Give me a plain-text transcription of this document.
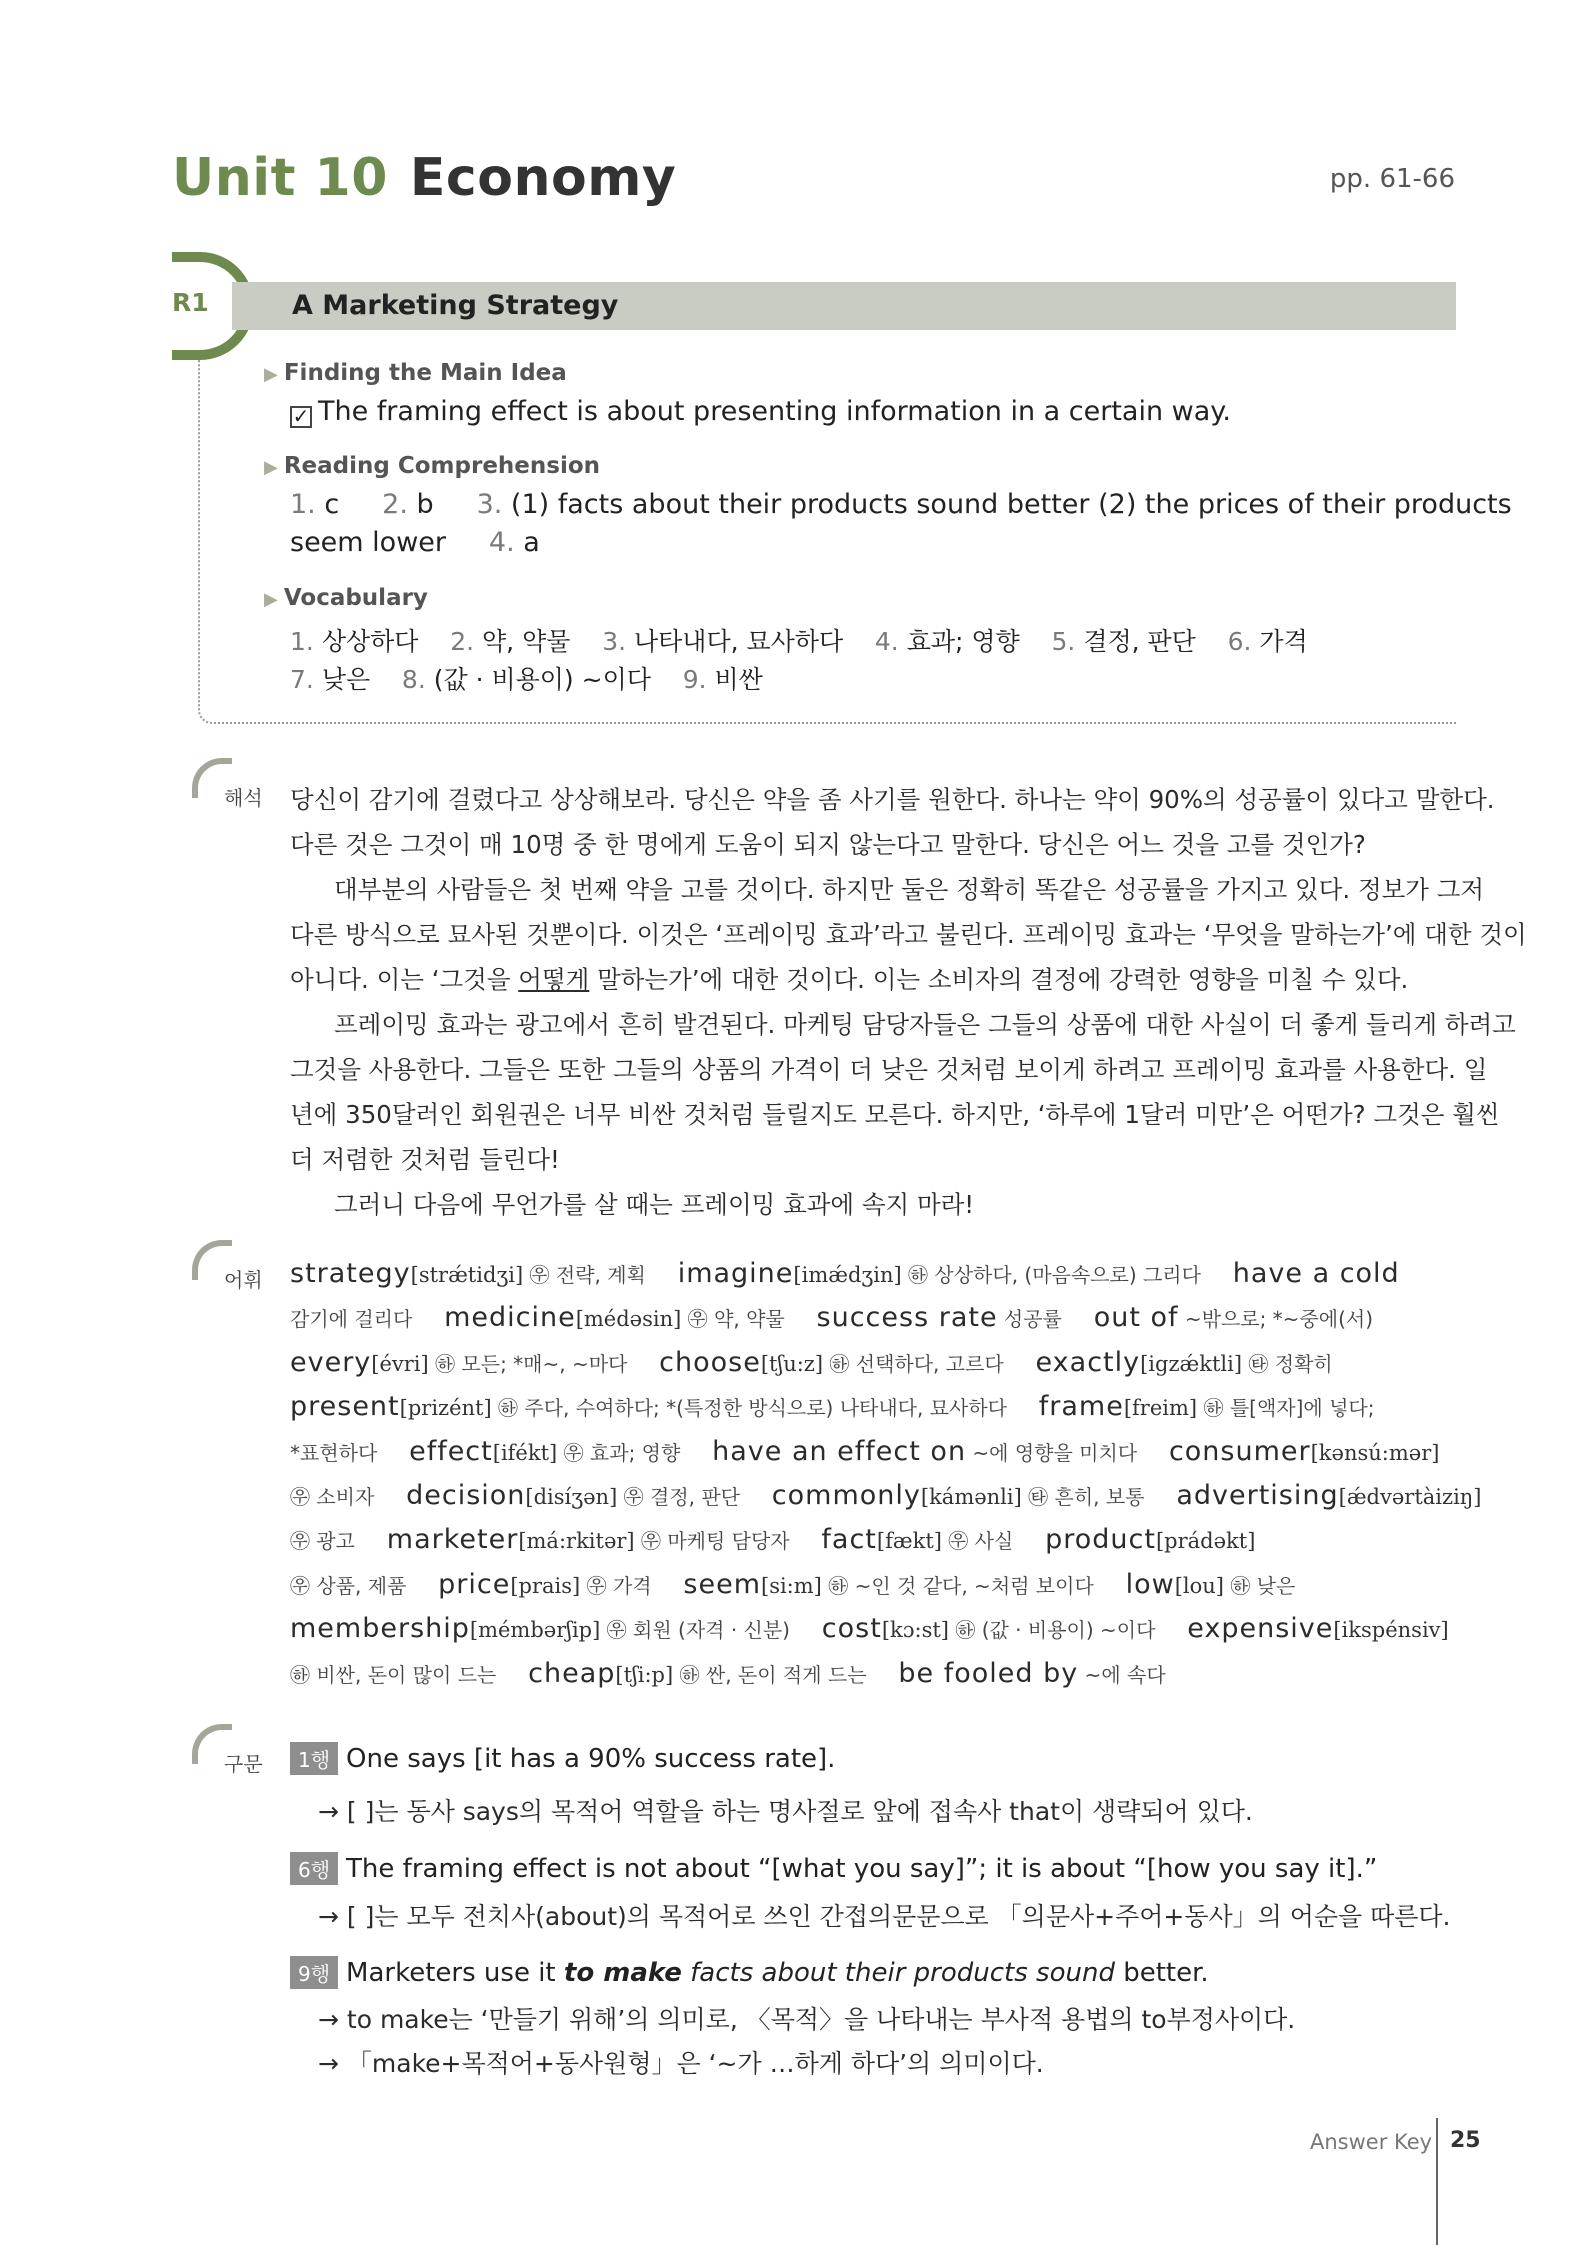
Unit 10 Economy	pp. 61-66
R1	A Marketing Strategy
▶ Finding the Main Idea
✓ The framing effect is about presenting information in a certain way.
▶ Reading Comprehension
1. c 2. b 3. (1) facts about their products sound better (2) the prices of their products
seem lower 4. a
▶ Vocabulary
1. 상상하다 2. 약, 약물 3. 나타내다, 묘사하다 4. 효과; 영향 5. 결정, 판단 6. 가격
7. 낮은 8. (값 · 비용이) ~이다 9. 비싼
해석 당신이 감기에 걸렸다고 상상해보라. 당신은 약을 좀 사기를 원한다. 하나는 약이 90%의 성공률이 있다고 말한다.
다른 것은 그것이 매 10명 중 한 명에게 도움이 되지 않는다고 말한다. 당신은 어느 것을 고를 것인가?
대부분의 사람들은 첫 번째 약을 고를 것이다. 하지만 둘은 정확히 똑같은 성공률을 가지고 있다. 정보가 그저
다른 방식으로 묘사된 것뿐이다. 이것은 ‘프레이밍 효과’라고 불린다. 프레이밍 효과는 ‘무엇을 말하는가’에 대한 것이
아니다. 이는 ‘그것을 어떻게 말하는가’에 대한 것이다. 이는 소비자의 결정에 강력한 영향을 미칠 수 있다.
프레이밍 효과는 광고에서 흔히 발견된다. 마케팅 담당자들은 그들의 상품에 대한 사실이 더 좋게 들리게 하려고
그것을 사용한다. 그들은 또한 그들의 상품의 가격이 더 낮은 것처럼 보이게 하려고 프레이밍 효과를 사용한다. 일
년에 350달러인 회원권은 너무 비싼 것처럼 들릴지도 모른다. 하지만, ‘하루에 1달러 미만’은 어떤가? 그것은 훨씬
더 저렴한 것처럼 들린다!
그러니 다음에 무언가를 살 때는 프레이밍 효과에 속지 마라!
어휘 strategy[strǽtidʒi] ㉾ 전략, 계획 imagine[imǽdʒin] ㉻ 상상하다, (마음속으로) 그리다 have a cold
감기에 걸리다 medicine[médəsin] ㉾ 약, 약물 success rate 성공률 out of ~밖으로; *~중에(서)
every[évri] ㉻ 모든; *매~, ~마다 choose[tʃu:z] ㉻ 선택하다, 고르다 exactly[igzǽktli] ㉹ 정확히
present[prizént] ㉻ 주다, 수여하다; *(특정한 방식으로) 나타내다, 묘사하다 frame[freim] ㉻ 틀[액자]에 넣다;
*표현하다 effect[ifékt] ㉾ 효과; 영향 have an effect on ~에 영향을 미치다 consumer[kənsú:mər]
㉾ 소비자 decision[disíʒən] ㉾ 결정, 판단 commonly[kámənli] ㉹ 흔히, 보통 advertising[ǽdvərtàiziŋ]
㉾ 광고 marketer[má:rkitər] ㉾ 마케팅 담당자 fact[fækt] ㉾ 사실 product[prádəkt]
㉾ 상품, 제품 price[prais] ㉾ 가격 seem[si:m] ㉻ ~인 것 같다, ~처럼 보이다 low[lou] ㉻ 낮은
membership[mémbərʃip] ㉾ 회원 (자격 · 신분) cost[kɔ:st] ㉻ (값 · 비용이) ~이다 expensive[ikspénsiv]
㉻ 비싼, 돈이 많이 드는 cheap[tʃi:p] ㉻ 싼, 돈이 적게 드는 be fooled by ~에 속다
구문	1행 One says [it has a 90% success rate].
→ [ ]는 동사 says의 목적어 역할을 하는 명사절로 앞에 접속사 that이 생략되어 있다.
6행 The framing effect is not about “[what you say]”; it is about “[how you say it].”
→ [ ]는 모두 전치사(about)의 목적어로 쓰인 간접의문문으로 「의문사+주어+동사」의 어순을 따른다.
9행 Marketers use it to make facts about their products sound better.
→ to make는 ‘만들기 위해’의 의미로, 〈목적〉을 나타내는 부사적 용법의 to부정사이다.
→ 「make+목적어+동사원형」은 ‘~가 …하게 하다’의 의미이다.
Answer Key 25
